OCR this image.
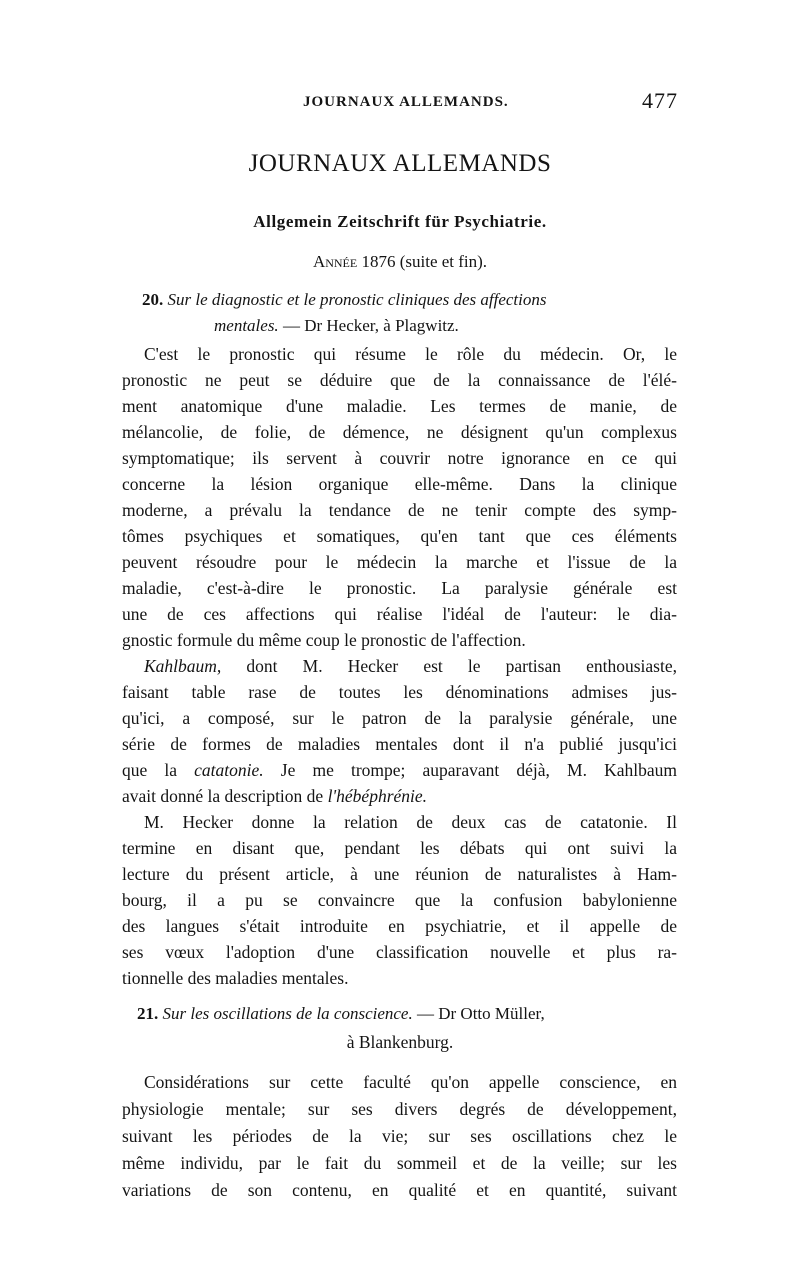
JOURNAUX ALLEMANDS.	477
JOURNAUX ALLEMANDS
Allgemein Zeitschrift für Psychiatrie.
Année 1876 (suite et fin).
20. Sur le diagnostic et le pronostic cliniques des affections
mentales. — Dr Hecker, à Plagwitz.
C'est le pronostic qui résume le rôle du médecin. Or, le
pronostic ne peut se déduire que de la connaissance de l'élé-
ment anatomique d'une maladie. Les termes de manie, de
mélancolie, de folie, de démence, ne désignent qu'un complexus
symptomatique; ils servent à couvrir notre ignorance en ce qui
concerne la lésion organique elle-même. Dans la clinique
moderne, a prévalu la tendance de ne tenir compte des symp-
tômes psychiques et somatiques, qu'en tant que ces éléments
peuvent résoudre pour le médecin la marche et l'issue de la
maladie, c'est-à-dire le pronostic. La paralysie générale est
une de ces affections qui réalise l'idéal de l'auteur: le dia-
gnostic formule du même coup le pronostic de l'affection.
Kahlbaum, dont M. Hecker est le partisan enthousiaste,
faisant table rase de toutes les dénominations admises jus-
qu'ici, a composé, sur le patron de la paralysie générale, une
série de formes de maladies mentales dont il n'a publié jusqu'ici
que la catatonie. Je me trompe; auparavant déjà, M. Kahlbaum
avait donné la description de l'hébéphrénie.
M. Hecker donne la relation de deux cas de catatonie. Il
termine en disant que, pendant les débats qui ont suivi la
lecture du présent article, à une réunion de naturalistes à Ham-
bourg, il a pu se convaincre que la confusion babylonienne
des langues s'était introduite en psychiatrie, et il appelle de
ses vœux l'adoption d'une classification nouvelle et plus ra-
tionnelle des maladies mentales.
21. Sur les oscillations de la conscience. — Dr Otto Müller,
à Blankenburg.
Considérations sur cette faculté qu'on appelle conscience, en
physiologie mentale; sur ses divers degrés de développement,
suivant les périodes de la vie; sur ses oscillations chez le
même individu, par le fait du sommeil et de la veille; sur les
variations de son contenu, en qualité et en quantité, suivant
